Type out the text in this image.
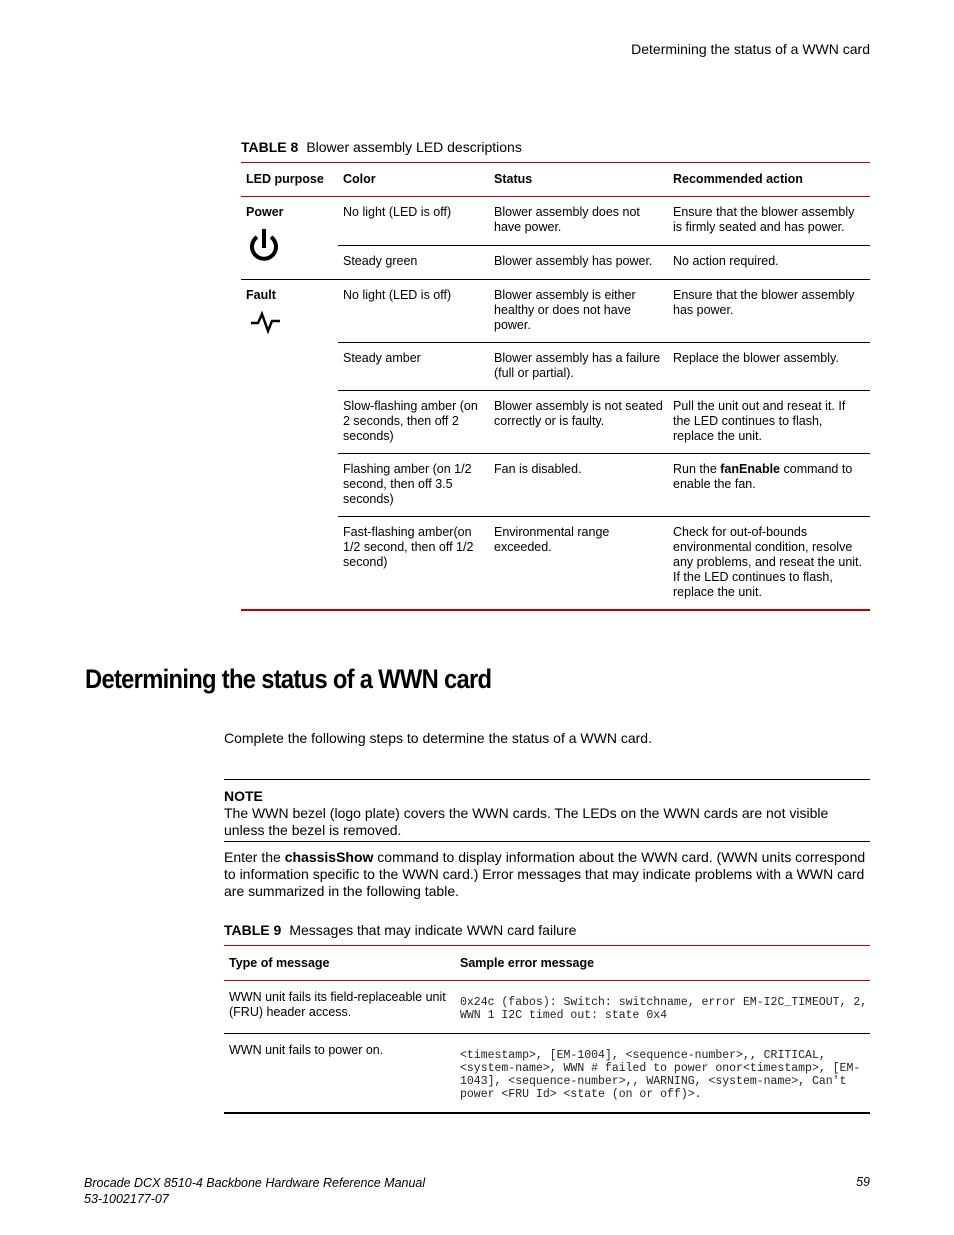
Determining the status of a WWN card
TABLE 8 Blower assembly LED descriptions
LED purpose	Color	Status	Recommended action

Power	No light (LED is off)	Blower assembly does not have power.	Ensure that the blower assembly is firmly seated and has power.
	Steady green	Blower assembly has power.	No action required.

Fault	No light (LED is off)	Blower assembly is either healthy or does not have power.	Ensure that the blower assembly has power.
	Steady amber	Blower assembly has a failure (full or partial).	Replace the blower assembly.
	Slow-flashing amber (on 2 seconds, then off 2 seconds)	Blower assembly is not seated correctly or is faulty.	Pull the unit out and reseat it. If the LED continues to flash, replace the unit.
	Flashing amber (on 1/2 second, then off 3.5 seconds)	Fan is disabled.	Run the fanEnable command to enable the fan.
	Fast-flashing amber(on 1/2 second, then off 1/2 second)	Environmental range exceeded.	Check for out-of-bounds environmental condition, resolve any problems, and reseat the unit. If the LED continues to flash, replace the unit.
Determining the status of a WWN card
Complete the following steps to determine the status of a WWN card.
NOTE
The WWN bezel (logo plate) covers the WWN cards. The LEDs on the WWN cards are not visible unless the bezel is removed.
Enter the chassisShow command to display information about the WWN card. (WWN units correspond to information specific to the WWN card.) Error messages that may indicate problems with a WWN card are summarized in the following table.
TABLE 9 Messages that may indicate WWN card failure
Type of message	Sample error message
WWN unit fails its field-replaceable unit (FRU) header access.	0x24c (fabos): Switch: switchname, error EM-I2C_TIMEOUT, 2, WWN 1 I2C timed out: state 0x4

WWN unit fails to power on.	<timestamp>, [EM-1004], <sequence-number>,, CRITICAL, <system-name>, WWN # failed to power onor<timestamp>, [EM-1043], <sequence-number>,, WARNING, <system-name>, Can't power <FRU Id> <state (on or off)>.
Brocade DCX 8510-4 Backbone Hardware Reference Manual
53-1002177-07
59
